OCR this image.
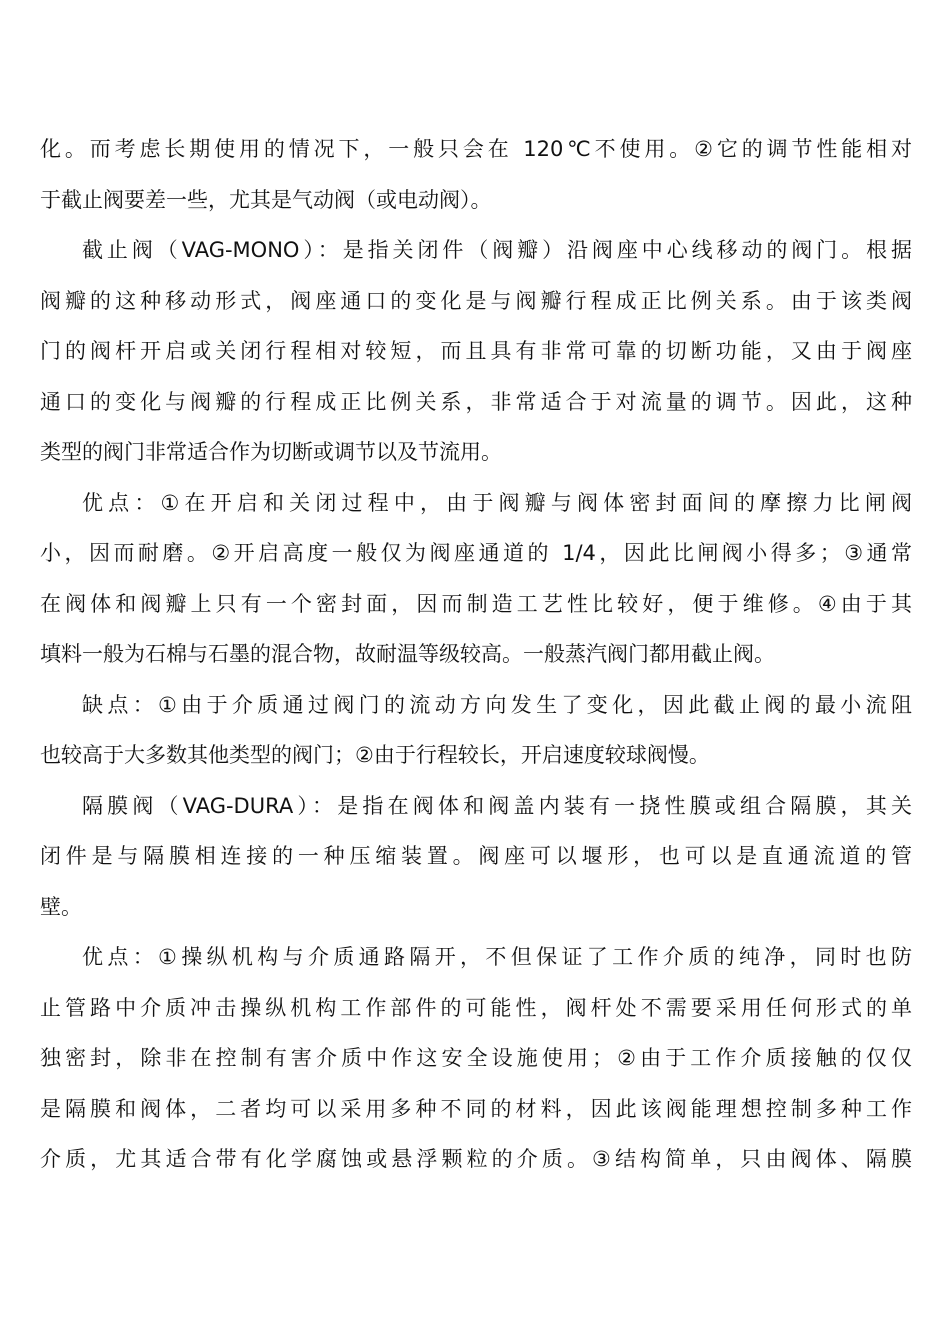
化。而考虑长期使用的情况下，一般只会在 120℃不使用。②它的调节性能相对
于截止阀要差一些，尤其是气动阀（或电动阀）。
截止阀（VAG-MONO）：是指关闭件（阀瓣）沿阀座中心线移动的阀门。根据
阀瓣的这种移动形式，阀座通口的变化是与阀瓣行程成正比例关系。由于该类阀
门的阀杆开启或关闭行程相对较短，而且具有非常可靠的切断功能，又由于阀座
通口的变化与阀瓣的行程成正比例关系，非常适合于对流量的调节。因此，这种
类型的阀门非常适合作为切断或调节以及节流用。
优点：①在开启和关闭过程中，由于阀瓣与阀体密封面间的摩擦力比闸阀
小，因而耐磨。②开启高度一般仅为阀座通道的 1/4，因此比闸阀小得多；③通常
在阀体和阀瓣上只有一个密封面，因而制造工艺性比较好，便于维修。④由于其
填料一般为石棉与石墨的混合物，故耐温等级较高。一般蒸汽阀门都用截止阀。
缺点：①由于介质通过阀门的流动方向发生了变化，因此截止阀的最小流阻
也较高于大多数其他类型的阀门；②由于行程较长，开启速度较球阀慢。
隔膜阀（VAG-DURA）：是指在阀体和阀盖内装有一挠性膜或组合隔膜，其关
闭件是与隔膜相连接的一种压缩装置。阀座可以堰形，也可以是直通流道的管
壁。
优点：①操纵机构与介质通路隔开，不但保证了工作介质的纯净，同时也防
止管路中介质冲击操纵机构工作部件的可能性，阀杆处不需要采用任何形式的单
独密封，除非在控制有害介质中作这安全设施使用；②由于工作介质接触的仅仅
是隔膜和阀体，二者均可以采用多种不同的材料，因此该阀能理想控制多种工作
介质，尤其适合带有化学腐蚀或悬浮颗粒的介质。③结构简单，只由阀体、隔膜
